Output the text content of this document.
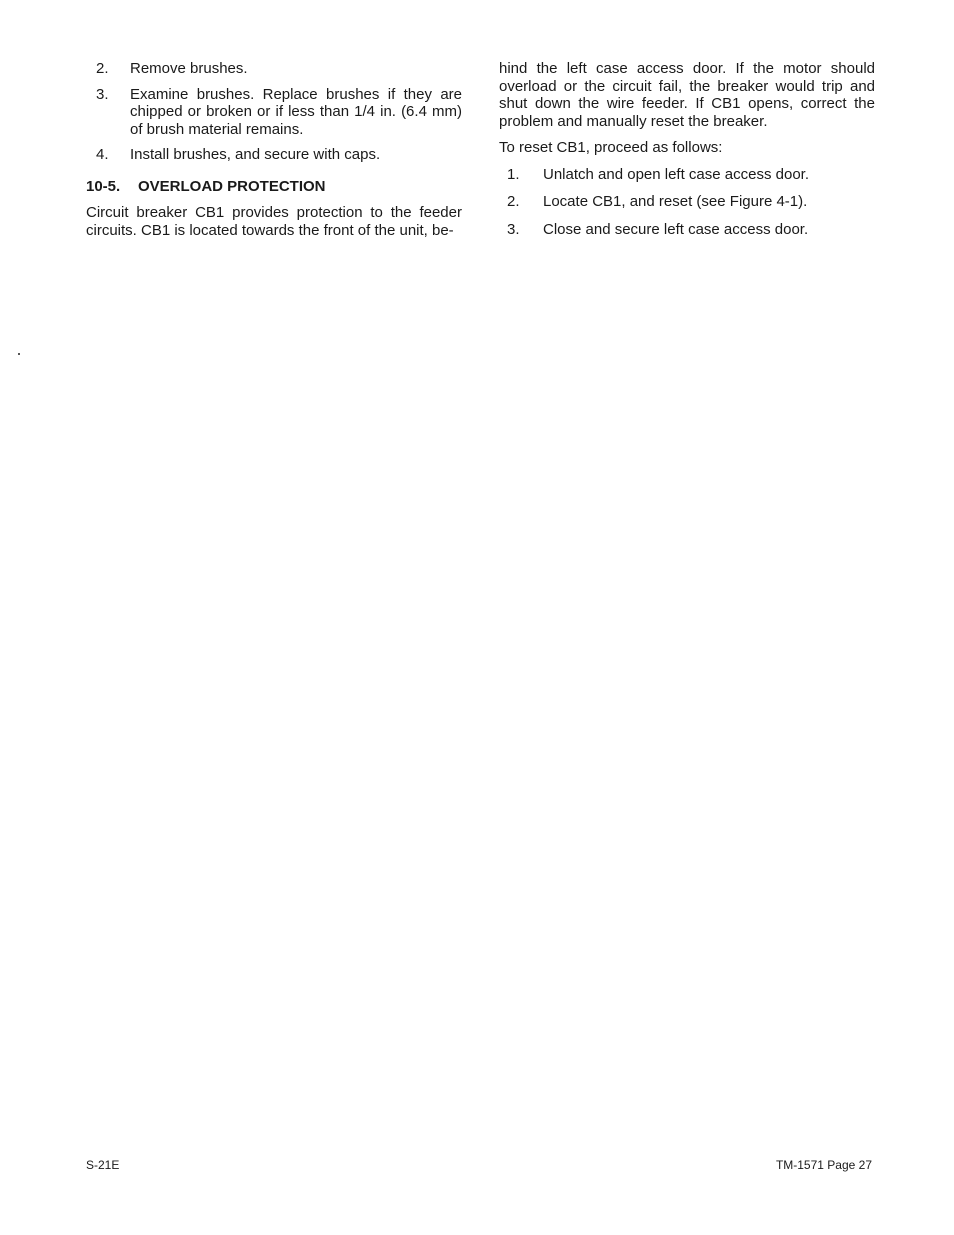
2.	Remove brushes.
3.	Examine brushes. Replace brushes if they are chipped or broken or if less than 1/4 in. (6.4 mm) of brush material remains.
4.	Install brushes, and secure with caps.
10-5.	OVERLOAD PROTECTION

Circuit breaker CB1 provides protection to the feeder circuits. CB1 is located towards the front of the unit, be-

hind the left case access door. If the motor should overload or the circuit fail, the breaker would trip and shut down the wire feeder. If CB1 opens, correct the problem and manually reset the breaker.

To reset CB1, proceed as follows:

1.	Unlatch and open left case access door.
2.	Locate CB1, and reset (see Figure 4-1).
3.	Close and secure left case access door.
S-21E	TM-1571 Page 27
